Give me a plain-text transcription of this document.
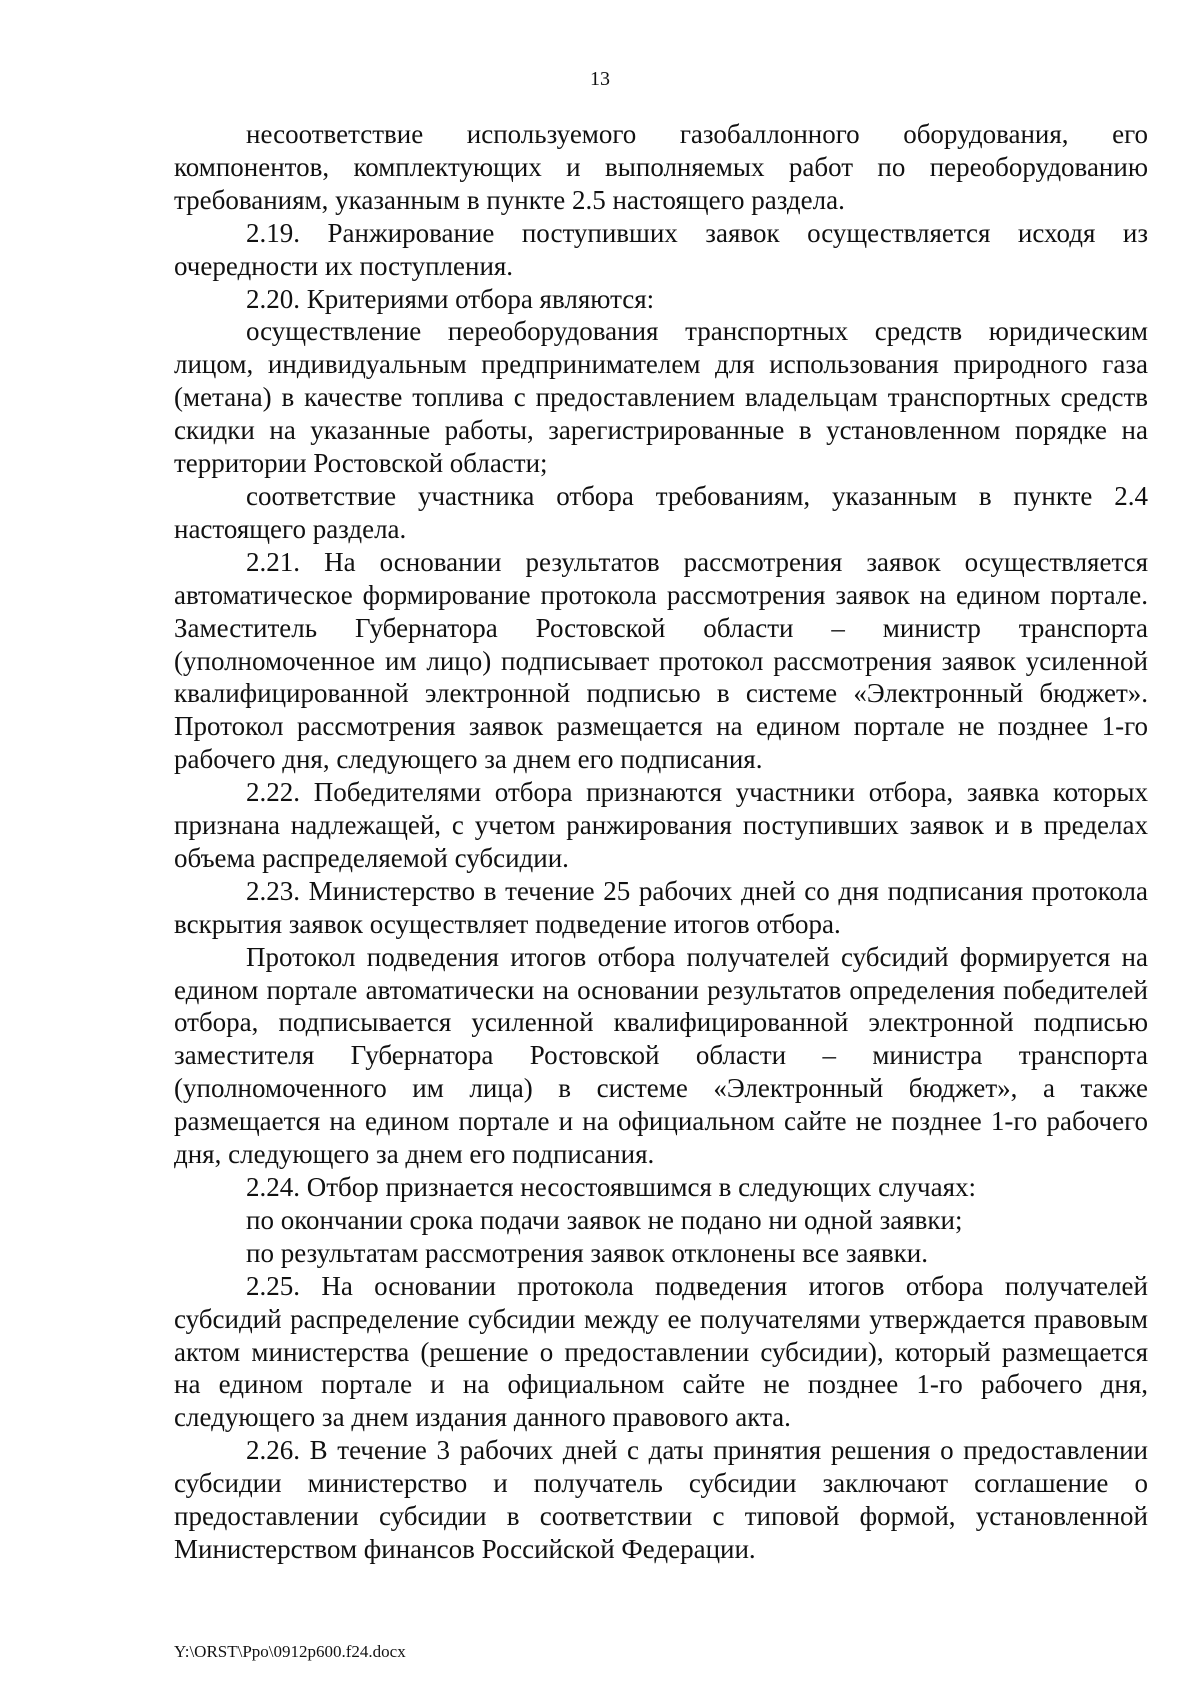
13

несоответствие используемого газобаллонного оборудования, его компонентов, комплектующих и выполняемых работ по переоборудованию требованиям, указанным в пункте 2.5 настоящего раздела.

2.19. Ранжирование поступивших заявок осуществляется исходя из очередности их поступления.

2.20. Критериями отбора являются:

осуществление переоборудования транспортных средств юридическим лицом, индивидуальным предпринимателем для использования природного газа (метана) в качестве топлива с предоставлением владельцам транспортных средств скидки на указанные работы, зарегистрированные в установленном порядке на территории Ростовской области;

соответствие участника отбора требованиям, указанным в пункте 2.4 настоящего раздела.

2.21. На основании результатов рассмотрения заявок осуществляется автоматическое формирование протокола рассмотрения заявок на едином портале. Заместитель Губернатора Ростовской области – министр транспорта (уполномоченное им лицо) подписывает протокол рассмотрения заявок усиленной квалифицированной электронной подписью в системе «Электронный бюджет». Протокол рассмотрения заявок размещается на едином портале не позднее 1-го рабочего дня, следующего за днем его подписания.

2.22. Победителями отбора признаются участники отбора, заявка которых признана надлежащей, с учетом ранжирования поступивших заявок и в пределах объема распределяемой субсидии.

2.23. Министерство в течение 25 рабочих дней со дня подписания протокола вскрытия заявок осуществляет подведение итогов отбора.

Протокол подведения итогов отбора получателей субсидий формируется на едином портале автоматически на основании результатов определения победителей отбора, подписывается усиленной квалифицированной электронной подписью заместителя Губернатора Ростовской области – министра транспорта (уполномоченного им лица) в системе «Электронный бюджет», а также размещается на едином портале и на официальном сайте не позднее 1-го рабочего дня, следующего за днем его подписания.

2.24. Отбор признается несостоявшимся в следующих случаях:

по окончании срока подачи заявок не подано ни одной заявки;

по результатам рассмотрения заявок отклонены все заявки.

2.25. На основании протокола подведения итогов отбора получателей субсидий распределение субсидии между ее получателями утверждается правовым актом министерства (решение о предоставлении субсидии), который размещается на едином портале и на официальном сайте не позднее 1-го рабочего дня, следующего за днем издания данного правового акта.

2.26. В течение 3 рабочих дней с даты принятия решения о предоставлении субсидии министерство и получатель субсидии заключают соглашение о предоставлении субсидии в соответствии с типовой формой, установленной Министерством финансов Российской Федерации.

Y:\ORST\Ppo\0912p600.f24.docx
